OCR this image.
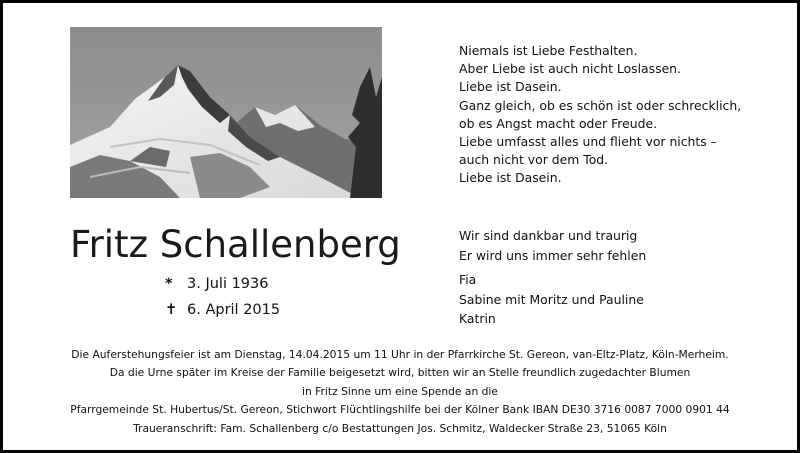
Niemals ist Liebe Festhalten.
Aber Liebe ist auch nicht Loslassen.
Liebe ist Dasein.
Ganz gleich, ob es schön ist oder schrecklich,
ob es Angst macht oder Freude.
Liebe umfasst alles und flieht vor nichts –
auch nicht vor dem Tod.
Liebe ist Dasein.
Fritz Schallenberg
* 3. Juli 1936
✝ 6. April 2015
Wir sind dankbar und traurig
Er wird uns immer sehr fehlen
Fia
Sabine mit Moritz und Pauline
Katrin
Die Auferstehungsfeier ist am Dienstag, 14.04.2015 um 11 Uhr in der Pfarrkirche St. Gereon, van-Eltz-Platz, Köln-Merheim.
Da die Urne später im Kreise der Familie beigesetzt wird, bitten wir an Stelle freundlich zugedachter Blumen
in Fritz Sinne um eine Spende an die
Pfarrgemeinde St. Hubertus/St. Gereon, Stichwort Flüchtlingshilfe bei der Kölner Bank IBAN DE30 3716 0087 7000 0901 44
Traueranschrift: Fam. Schallenberg c/o Bestattungen Jos. Schmitz, Waldecker Straße 23, 51065 Köln
